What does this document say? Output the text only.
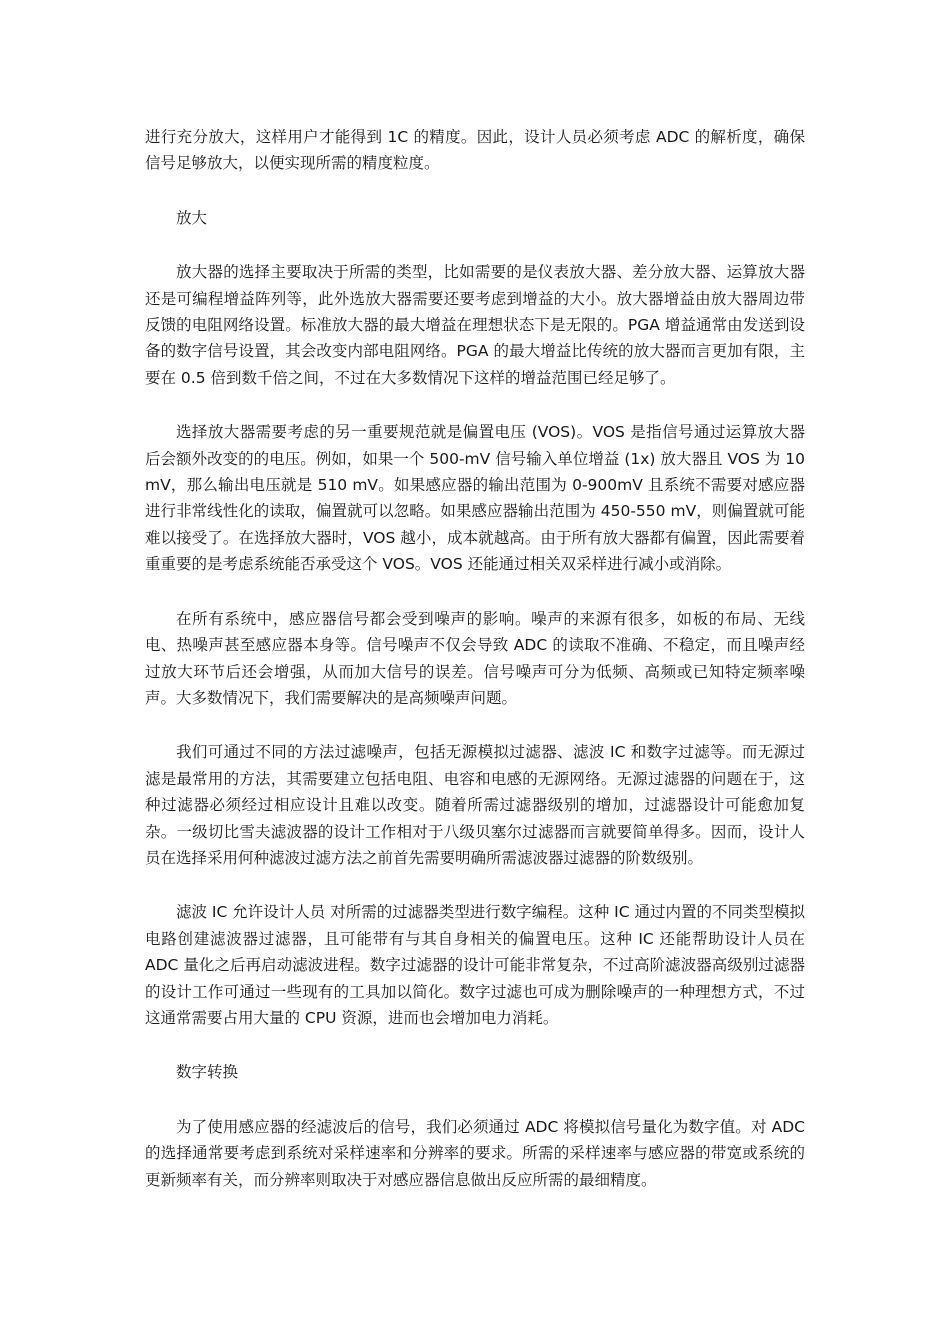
进行充分放大，这样用户才能得到 1C 的精度。因此，设计人员必须考虑 ADC 的解析度，确保信号足够放大，以便实现所需的精度粒度。

放大

放大器的选择主要取决于所需的类型，比如需要的是仪表放大器、差分放大器、运算放大器还是可编程增益阵列等，此外选放大器需要还要考虑到增益的大小。放大器增益由放大器周边带反馈的电阻网络设置。标准放大器的最大增益在理想状态下是无限的。PGA 增益通常由发送到设备的数字信号设置，其会改变内部电阻网络。PGA 的最大增益比传统的放大器而言更加有限，主要在 0.5 倍到数千倍之间，不过在大多数情况下这样的增益范围已经足够了。

选择放大器需要考虑的另一重要规范就是偏置电压 (VOS)。VOS 是指信号通过运算放大器后会额外改变的的电压。例如，如果一个 500-mV 信号输入单位增益 (1x) 放大器且 VOS 为 10 mV，那么输出电压就是 510 mV。如果感应器的输出范围为 0-900mV 且系统不需要对感应器进行非常线性化的读取，偏置就可以忽略。如果感应器输出范围为 450-550 mV，则偏置就可能难以接受了。在选择放大器时，VOS 越小，成本就越高。由于所有放大器都有偏置，因此需要着重重要的是考虑系统能否承受这个 VOS。VOS 还能通过相关双采样进行减小或消除。

在所有系统中，感应器信号都会受到噪声的影响。噪声的来源有很多，如板的布局、无线电、热噪声甚至感应器本身等。信号噪声不仅会导致 ADC 的读取不准确、不稳定，而且噪声经过放大环节后还会增强，从而加大信号的误差。信号噪声可分为低频、高频或已知特定频率噪声。大多数情况下，我们需要解决的是高频噪声问题。

我们可通过不同的方法过滤噪声，包括无源模拟过滤器、滤波 IC 和数字过滤等。而无源过滤是最常用的方法，其需要建立包括电阻、电容和电感的无源网络。无源过滤器的问题在于，这种过滤器必须经过相应设计且难以改变。随着所需过滤器级别的增加，过滤器设计可能愈加复杂。一级切比雪夫滤波器的设计工作相对于八级贝塞尔过滤器而言就要简单得多。因而，设计人员在选择采用何种滤波过滤方法之前首先需要明确所需滤波器过滤器的阶数级别。

滤波 IC 允许设计人员 对所需的过滤器类型进行数字编程。这种 IC 通过内置的不同类型模拟电路创建滤波器过滤器，且可能带有与其自身相关的偏置电压。这种 IC 还能帮助设计人员在 ADC 量化之后再启动滤波进程。数字过滤器的设计可能非常复杂，不过高阶滤波器高级别过滤器的设计工作可通过一些现有的工具加以简化。数字过滤也可成为删除噪声的一种理想方式，不过这通常需要占用大量的 CPU 资源，进而也会增加电力消耗。

数字转换

为了使用感应器的经滤波后的信号，我们必须通过 ADC 将模拟信号量化为数字值。对 ADC 的选择通常要考虑到系统对采样速率和分辨率的要求。所需的采样速率与感应器的带宽或系统的更新频率有关，而分辨率则取决于对感应器信息做出反应所需的最细精度。
